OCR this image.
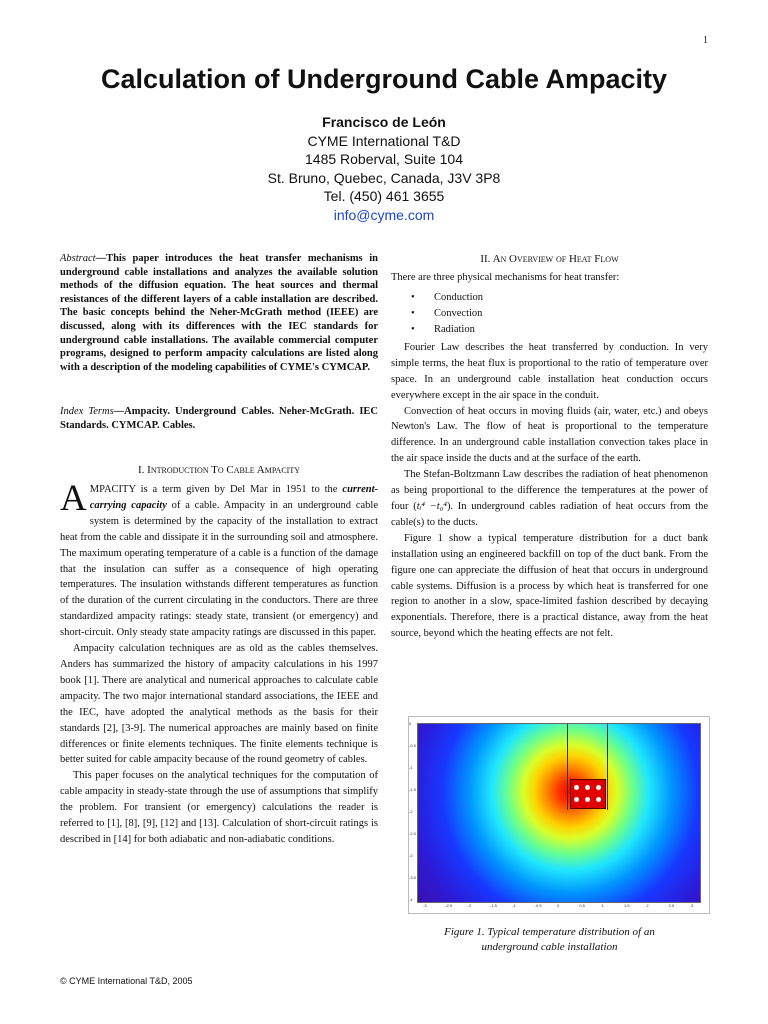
1
Calculation of Underground Cable Ampacity
Francisco de León
CYME International T&D
1485 Roberval, Suite 104
St. Bruno, Quebec, Canada, J3V 3P8
Tel. (450) 461 3655
info@cyme.com
Abstract—This paper introduces the heat transfer mechanisms in underground cable installations and analyzes the available solution methods of the diffusion equation. The heat sources and thermal resistances of the different layers of a cable installation are described. The basic concepts behind the Neher-McGrath method (IEEE) are discussed, along with its differences with the IEC standards for underground cable installations. The available commercial computer programs, designed to perform ampacity calculations are listed along with a description of the modeling capabilities of CYME's CYMCAP.
Index Terms—Ampacity. Underground Cables. Neher-McGrath. IEC Standards. CYMCAP. Cables.
I. Introduction To Cable Ampacity

AMPACITY is a term given by Del Mar in 1951 to the current-carrying capacity of a cable. Ampacity in an underground cable system is determined by the capacity of the installation to extract heat from the cable and dissipate it in the surrounding soil and atmosphere. The maximum operating temperature of a cable is a function of the damage that the insulation can suffer as a consequence of high operating temperatures. The insulation withstands different temperatures as function of the duration of the current circulating in the conductors. There are three standardized ampacity ratings: steady state, transient (or emergency) and short-circuit. Only steady state ampacity ratings are discussed in this paper.

Ampacity calculation techniques are as old as the cables themselves. Anders has summarized the history of ampacity calculations in his 1997 book [1]. There are analytical and numerical approaches to calculate cable ampacity. The two major international standard associations, the IEEE and the IEC, have adopted the analytical methods as the basis for their standards [2], [3-9]. The numerical approaches are mainly based on finite differences or finite elements techniques. The finite elements technique is better suited for cable ampacity because of the round geometry of cables.

This paper focuses on the analytical techniques for the computation of cable ampacity in steady-state through the use of assumptions that simplify the problem. For transient (or emergency) calculations the reader is referred to [1], [8], [9], [12] and [13]. Calculation of short-circuit ratings is described in [14] for both adiabatic and non-adiabatic conditions.

II. An Overview of Heat Flow

There are three physical mechanisms for heat transfer:

• Conduction
• Convection
• Radiation

Fourier Law describes the heat transferred by conduction. In very simple terms, the heat flux is proportional to the ratio of temperature over space. In an underground cable installation heat conduction occurs everywhere except in the air space in the conduit.

Convection of heat occurs in moving fluids (air, water, etc.) and obeys Newton's Law. The flow of heat is proportional to the temperature difference. In an underground cable installation convection takes place in the air space inside the ducts and at the surface of the earth.

The Stefan-Boltzmann Law describes the radiation of heat phenomenon as being proportional to the difference the temperatures at the power of four (tᵢ⁴ −t₀⁴). In underground cables radiation of heat occurs from the cable(s) to the ducts.

Figure 1 show a typical temperature distribution for a duct bank installation using an engineered backfill on top of the duct bank. From the figure one can appreciate the diffusion of heat that occurs in underground cable systems. Diffusion is a process by which heat is transferred for one region to another in a slow, space-limited fashion described by decaying exponentials. Therefore, there is a practical distance, away from the heat source, beyond which the heating effects are not felt.

0
-0.5
-1
-1.5
-2
-2.5
-3
-3.5
-4
-3	-2.5	-2	-1.5	-1	-0.5	0	0.5	1	1.5	2	2.5	3
Figure 1. Typical temperature distribution of an
underground cable installation
© CYME International T&D, 2005
